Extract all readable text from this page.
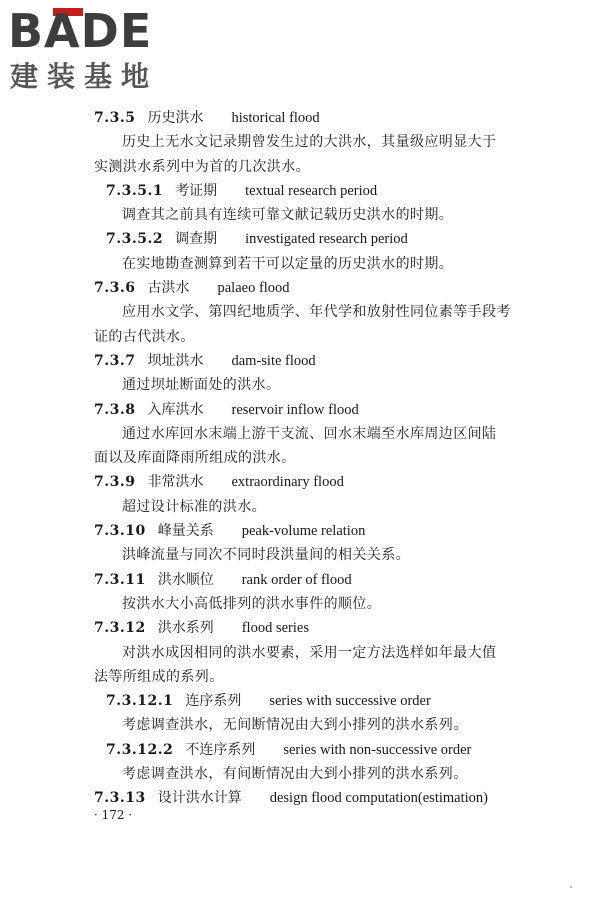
BADE
建装基地
7.3.5 历史洪水 historical flood
历史上无水文记录期曾发生过的大洪水，其量级应明显大于
实测洪水系列中为首的几次洪水。
7.3.5.1 考证期 textual research period
调查其之前具有连续可靠文献记载历史洪水的时期。
7.3.5.2 调查期 investigated research period
在实地勘查测算到若干可以定量的历史洪水的时期。
7.3.6 古洪水 palaeo flood
应用水文学、第四纪地质学、年代学和放射性同位素等手段考
证的古代洪水。
7.3.7 坝址洪水 dam-site flood
通过坝址断面处的洪水。
7.3.8 入库洪水 reservoir inflow flood
通过水库回水末端上游干支流、回水末端至水库周边区间陆
面以及库面降雨所组成的洪水。
7.3.9 非常洪水 extraordinary flood
超过设计标准的洪水。
7.3.10 峰量关系 peak-volume relation
洪峰流量与同次不同时段洪量间的相关关系。
7.3.11 洪水顺位 rank order of flood
按洪水大小高低排列的洪水事件的顺位。
7.3.12 洪水系列 flood series
对洪水成因相同的洪水要素，采用一定方法选样如年最大值
法等所组成的系列。
7.3.12.1 连序系列 series with successive order
考虑调查洪水，无间断情况由大到小排列的洪水系列。
7.3.12.2 不连序系列 series with non-successive order
考虑调查洪水，有间断情况由大到小排列的洪水系列。
7.3.13 设计洪水计算 design flood computation(estimation)
· 172 ·
